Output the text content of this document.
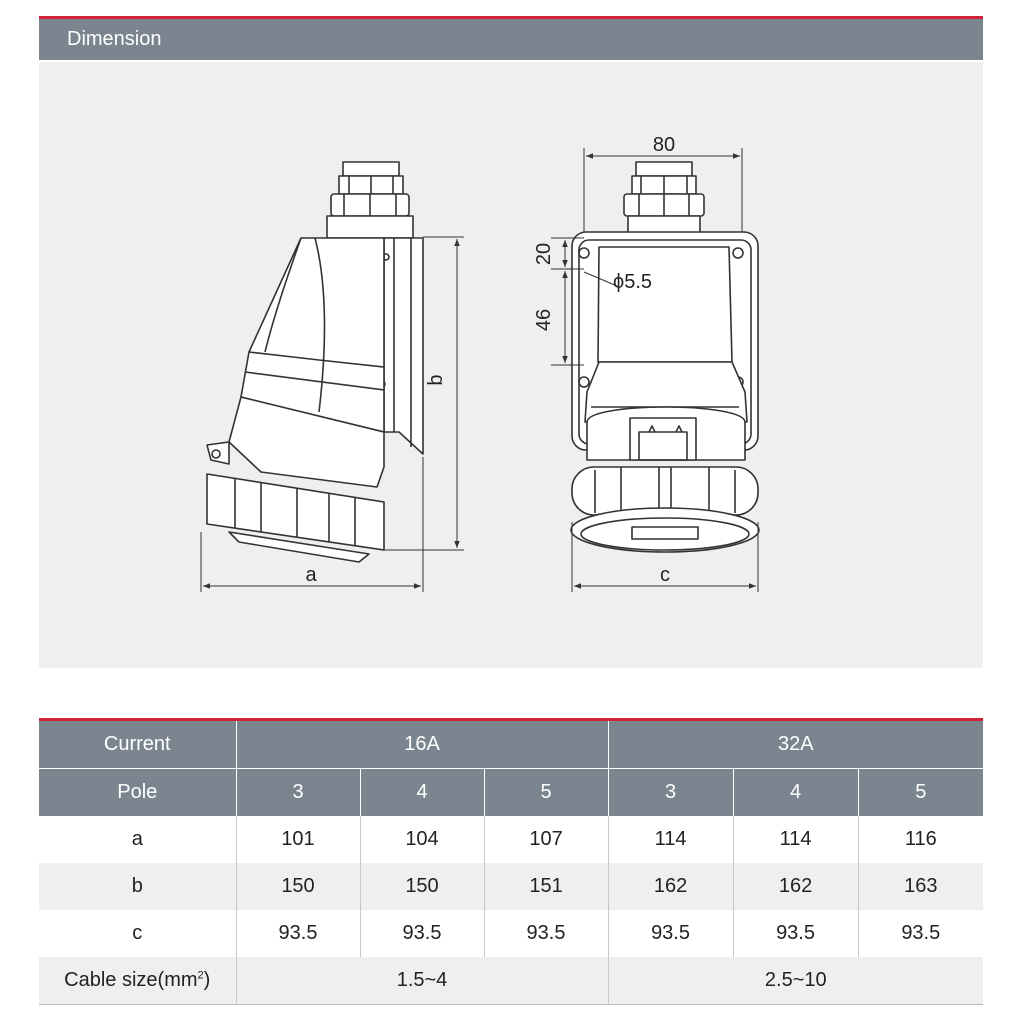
Dimension
80
20
46
ϕ5.5
b
a	c
Current	16A			32A		
Pole	3	4	5	3	4	5
a	101	104	107	114	114	116
b	150	150	151	162	162	163
c	93.5	93.5	93.5	93.5	93.5	93.5
Cable $size(mm^2)$	1.5~4			2.5~10		
